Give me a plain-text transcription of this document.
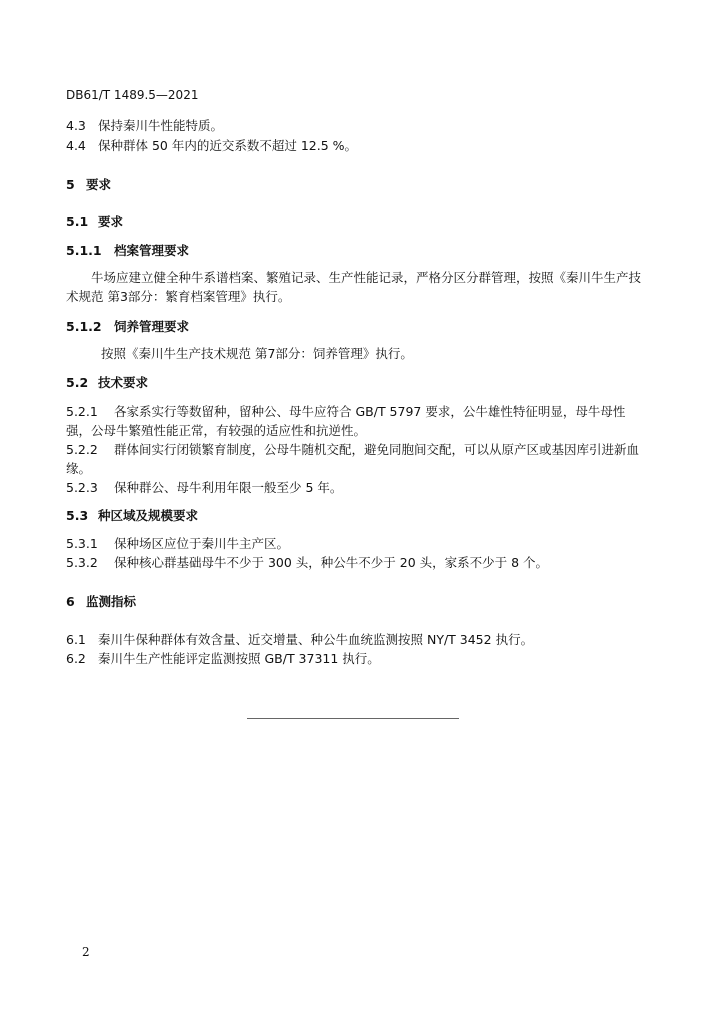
DB61/T 1489.5—2021
4.3 保持秦川牛性能特质。
4.4 保种群体 50 年内的近交系数不超过 12.5 %。
5 要求
5.1 要求
5.1.1 档案管理要求
牛场应建立健全种牛系谱档案、繁殖记录、生产性能记录，严格分区分群管理，按照《秦川牛生产技术规范 第3部分：繁育档案管理》执行。
5.1.2 饲养管理要求
按照《秦川牛生产技术规范 第7部分：饲养管理》执行。
5.2 技术要求
5.2.1 各家系实行等数留种，留种公、母牛应符合 GB/T 5797 要求，公牛雄性特征明显，母牛母性强，公母牛繁殖性能正常，有较强的适应性和抗逆性。
5.2.2 群体间实行闭锁繁育制度，公母牛随机交配，避免同胞间交配，可以从原产区或基因库引进新血缘。
5.2.3 保种群公、母牛利用年限一般至少 5 年。
5.3 种区域及规模要求
5.3.1 保种场区应位于秦川牛主产区。
5.3.2 保种核心群基础母牛不少于 300 头，种公牛不少于 20 头，家系不少于 8 个。
6 监测指标
6.1 秦川牛保种群体有效含量、近交增量、种公牛血统监测按照 NY/T 3452 执行。
6.2 秦川牛生产性能评定监测按照 GB/T 37311 执行。
2
